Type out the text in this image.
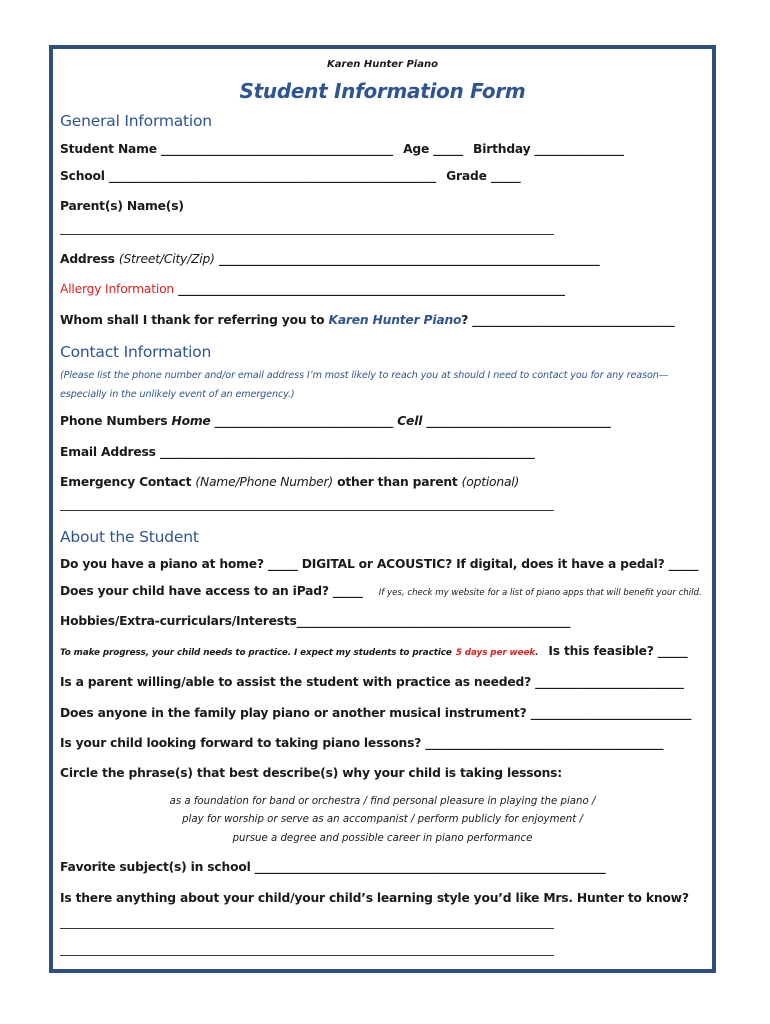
Karen Hunter Piano
Student Information Form
General Information
Student Name _______________________________________ Age _____ Birthday _______________
School _______________________________________________________ Grade _____
Parent(s) Name(s)
___________________________________________________________________________________
Address (Street/City/Zip) ________________________________________________________________
Allergy Information _________________________________________________________________
Whom shall I thank for referring you to Karen Hunter Piano? __________________________________
Contact Information
(Please list the phone number and/or email address I’m most likely to reach you at should I need to contact you for any reason—
especially in the unlikely event of an emergency.)
Phone Numbers Home ______________________________ Cell _______________________________
Email Address _______________________________________________________________
Emergency Contact (Name/Phone Number) other than parent (optional)
___________________________________________________________________________________
About the Student
Do you have a piano at home? _____ DIGITAL or ACOUSTIC? If digital, does it have a pedal? _____
Does your child have access to an iPad? _____ If yes, check my website for a list of piano apps that will benefit your child.
Hobbies/Extra-curriculars/Interests______________________________________________
To make progress, your child needs to practice. I expect my students to practice 5 days per week. Is this feasible? _____
Is a parent willing/able to assist the student with practice as needed? _________________________
Does anyone in the family play piano or another musical instrument? ___________________________
Is your child looking forward to taking piano lessons? ________________________________________
Circle the phrase(s) that best describe(s) why your child is taking lessons:
as a foundation for band or orchestra / find personal pleasure in playing the piano /
play for worship or serve as an accompanist / perform publicly for enjoyment /
pursue a degree and possible career in piano performance
Favorite subject(s) in school ___________________________________________________________
Is there anything about your child/your child’s learning style you’d like Mrs. Hunter to know?
___________________________________________________________________________________
___________________________________________________________________________________
